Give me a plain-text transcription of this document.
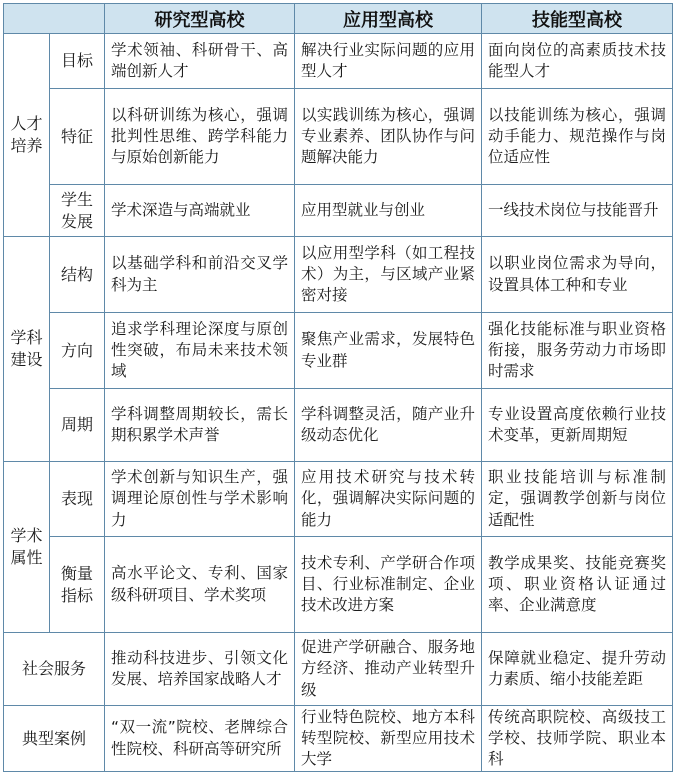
		研究型高校	应用型高校	技能型高校
人才培养	目标	学术领袖、科研骨干、高端创新人才	解决行业实际问题的应用型人才	面向岗位的高素质技术技能型人才
	特征	以科研训练为核心，强调批判性思维、跨学科能力与原始创新能力	以实践训练为核心，强调专业素养、团队协作与问题解决能力	以技能训练为核心，强调动手能力、规范操作与岗位适应性
	学生发展	学术深造与高端就业	应用型就业与创业	一线技术岗位与技能晋升
学科建设	结构	以基础学科和前沿交叉学科为主	以应用型学科（如工程技术）为主，与区域产业紧密对接	以职业岗位需求为导向，设置具体工种和专业
	方向	追求学科理论深度与原创性突破，布局未来技术领域	聚焦产业需求，发展特色专业群	强化技能标准与职业资格衔接，服务劳动力市场即时需求
	周期	学科调整周期较长，需长期积累学术声誉	学科调整灵活，随产业升级动态优化	专业设置高度依赖行业技术变革，更新周期短
学术属性	表现	学术创新与知识生产，强调理论原创性与学术影响力	应用技术研究与技术转化，强调解决实际问题的能力	职业技能培训与标准制定，强调教学创新与岗位适配性
	衡量指标	高水平论文、专利、国家级科研项目、学术奖项	技术专利、产学研合作项目、行业标准制定、企业技术改进方案	教学成果奖、技能竞赛奖项、职业资格认证通过率、企业满意度
社会服务		推动科技进步、引领文化发展、培养国家战略人才	促进产学研融合、服务地方经济、推动产业转型升级	保障就业稳定、提升劳动力素质、缩小技能差距
典型案例		“双一流”院校、老牌综合性院校、科研高等研究所	行业特色院校、地方本科转型院校、新型应用技术大学	传统高职院校、高级技工学校、技师学院、职业本科
